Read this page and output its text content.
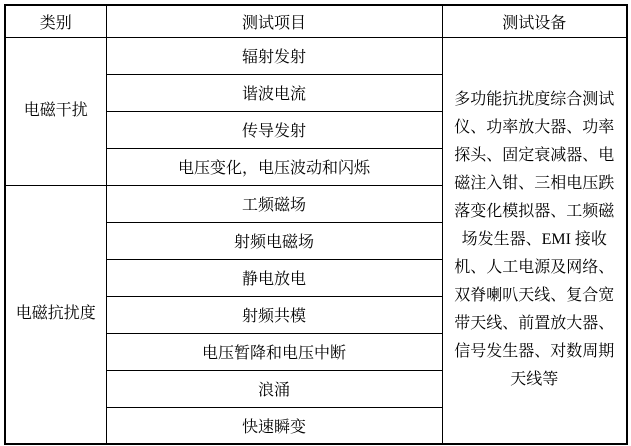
类别	测试项目	测试设备
电磁干扰	辐射发射	多功能抗扰度综合测试仪、功率放大器、功率探头、固定衰减器、电磁注入钳、三相电压跌落变化模拟器、工频磁场发生器、EMI 接收机、人工电源及网络、双脊喇叭天线、复合宽带天线、前置放大器、信号发生器、对数周期天线等
	谐波电流	
	传导发射	
	电压变化，电压波动和闪烁	
电磁抗扰度	工频磁场	
	射频电磁场	
	静电放电	
	射频共模	
	电压暂降和电压中断	
	浪涌	
	快速瞬变	
